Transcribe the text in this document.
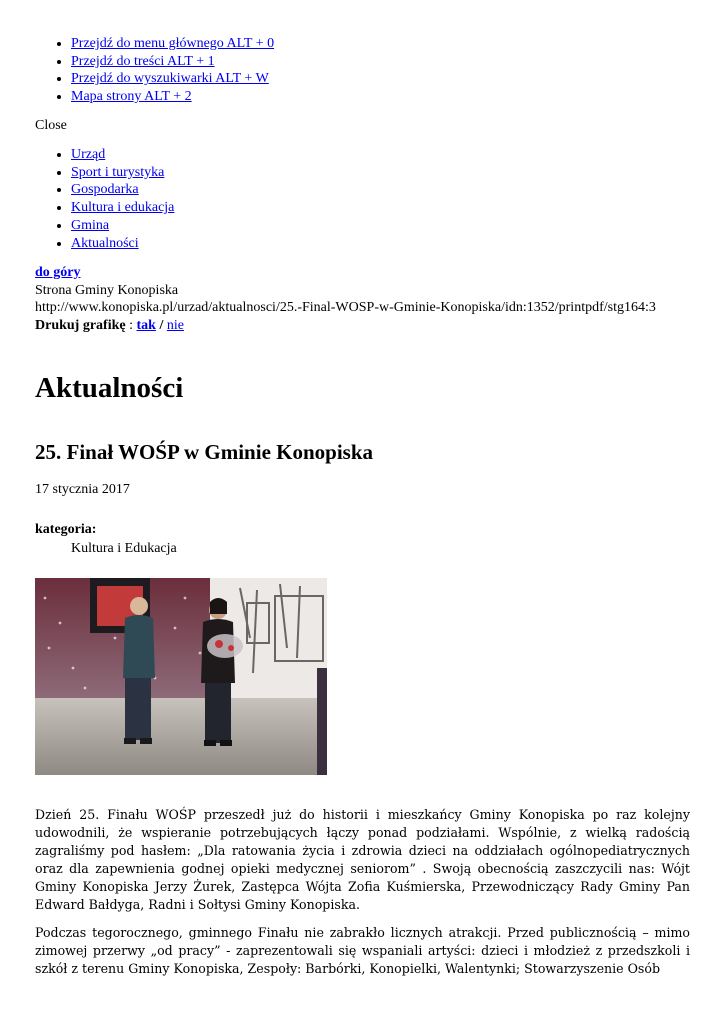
• Przejdź do menu głównego ALT + 0
• Przejdź do treści ALT + 1
• Przejdź do wyszukiwarki ALT + W
• Mapa strony ALT + 2
Close
• Urząd
• Sport i turystyka
• Gospodarka
• Kultura i edukacja
• Gmina
• Aktualności
do góry
Strona Gminy Konopiska
http://www.konopiska.pl/urzad/aktualnosci/25.-Final-WOSP-w-Gminie-Konopiska/idn:1352/printpdf/stg164:3
Drukuj grafikę : tak / nie
Aktualności
25. Finał WOŚP w Gminie Konopiska
17 stycznia 2017
kategoria:
Kultura i Edukacja

Dzień 25. Finału WOŚP przeszedł już do historii i mieszkańcy Gminy Konopiska po raz kolejny udowodnili, że wspieranie potrzebujących łączy ponad podziałami. Wspólnie, z wielką radością zagraliśmy pod hasłem: „Dla ratowania życia i zdrowia dzieci na oddziałach ogólnopediatrycznych oraz dla zapewnienia godnej opieki medycznej seniorom” . Swoją obecnością zaszczycili nas: Wójt Gminy Konopiska Jerzy Żurek, Zastępca Wójta Zofia Kuśmierska, Przewodniczący Rady Gminy Pan Edward Bałdyga, Radni i Sołtysi Gminy Konopiska.

Podczas tegorocznego, gminnego Finału nie zabrakło licznych atrakcji. Przed publicznością – mimo zimowej przerwy „od pracy” - zaprezentowali się wspaniali artyści: dzieci i młodzież z przedszkoli i szkół z terenu Gminy Konopiska, Zespoły: Barbórki, Konopielki, Walentynki; Stowarzyszenie Osób
